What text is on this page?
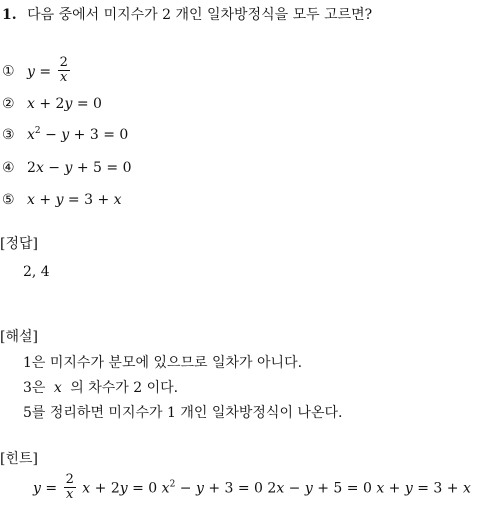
1. 다음 중에서 미지수가 2 개인 일차방정식을 모두 고르면?
① $y = \frac{2}{x}$
② x + 2y = 0
③ $x^2 - y + 3 = 0$
④ 2x − y + 5 = 0
⑤ x + y = 3 + x
[정답]
2, 4
[해설]
1은 미지수가 분모에 있으므로 일차가 아니다.
3은 x 의 차수가 2 이다.
5를 정리하면 미지수가 1 개인 일차방정식이 나온다.
[힌트]
$y = \frac{2}{x}$ x + 2y = 0 $x^2 - y + 3 = 0$ 2x − y + 5 = 0 x + y = 3 + x
